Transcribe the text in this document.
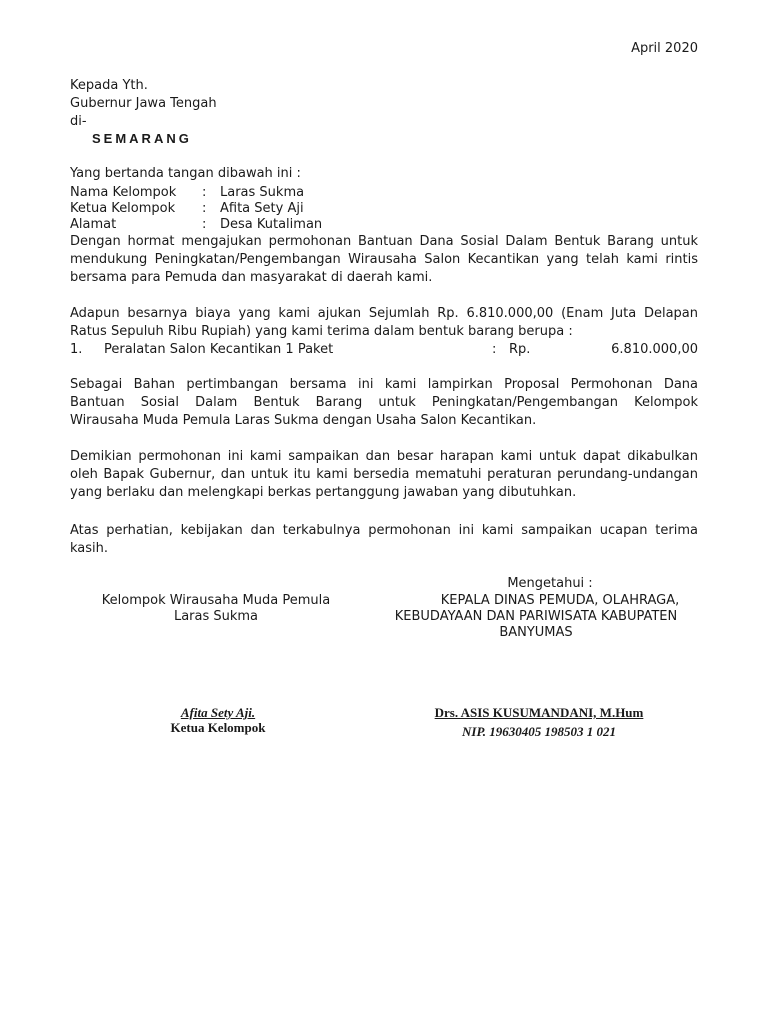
April 2020
Kepada Yth.
Gubernur Jawa Tengah
di-
SEMARANG
Yang bertanda tangan dibawah ini :
Nama Kelompok : Laras Sukma
Ketua Kelompok : Afita Sety Aji
Alamat	: Desa Kutaliman
Dengan hormat mengajukan permohonan Bantuan Dana Sosial Dalam Bentuk Barang untuk
mendukung Peningkatan/Pengembangan Wirausaha Salon Kecantikan yang telah kami rintis
bersama para Pemuda dan masyarakat di daerah kami.
Adapun besarnya biaya yang kami ajukan Sejumlah Rp. 6.810.000,00 (Enam Juta Delapan
Ratus Sepuluh Ribu Rupiah) yang kami terima dalam bentuk barang berupa :
1. Peralatan Salon Kecantikan 1 Paket	: Rp.	6.810.000,00
Sebagai Bahan pertimbangan bersama ini kami lampirkan Proposal Permohonan Dana
Bantuan Sosial Dalam Bentuk Barang untuk Peningkatan/Pengembangan Kelompok
Wirausaha Muda Pemula Laras Sukma dengan Usaha Salon Kecantikan.
Demikian permohonan ini kami sampaikan dan besar harapan kami untuk dapat dikabulkan
oleh Bapak Gubernur, dan untuk itu kami bersedia mematuhi peraturan perundang-undangan
yang berlaku dan melengkapi berkas pertanggung jawaban yang dibutuhkan.
Atas perhatian, kebijakan dan terkabulnya permohonan ini kami sampaikan ucapan terima
kasih.
Mengetahui :
KEPALA DINAS PEMUDA, OLAHRAGA,
KEBUDAYAAN DAN PARIWISATA KABUPATEN
BANYUMAS
Kelompok Wirausaha Muda Pemula
Laras Sukma
Afita Sety Aji.
Ketua Kelompok
Drs. ASIS KUSUMANDANI, M.Hum
NIP. 19630405 198503 1 021
